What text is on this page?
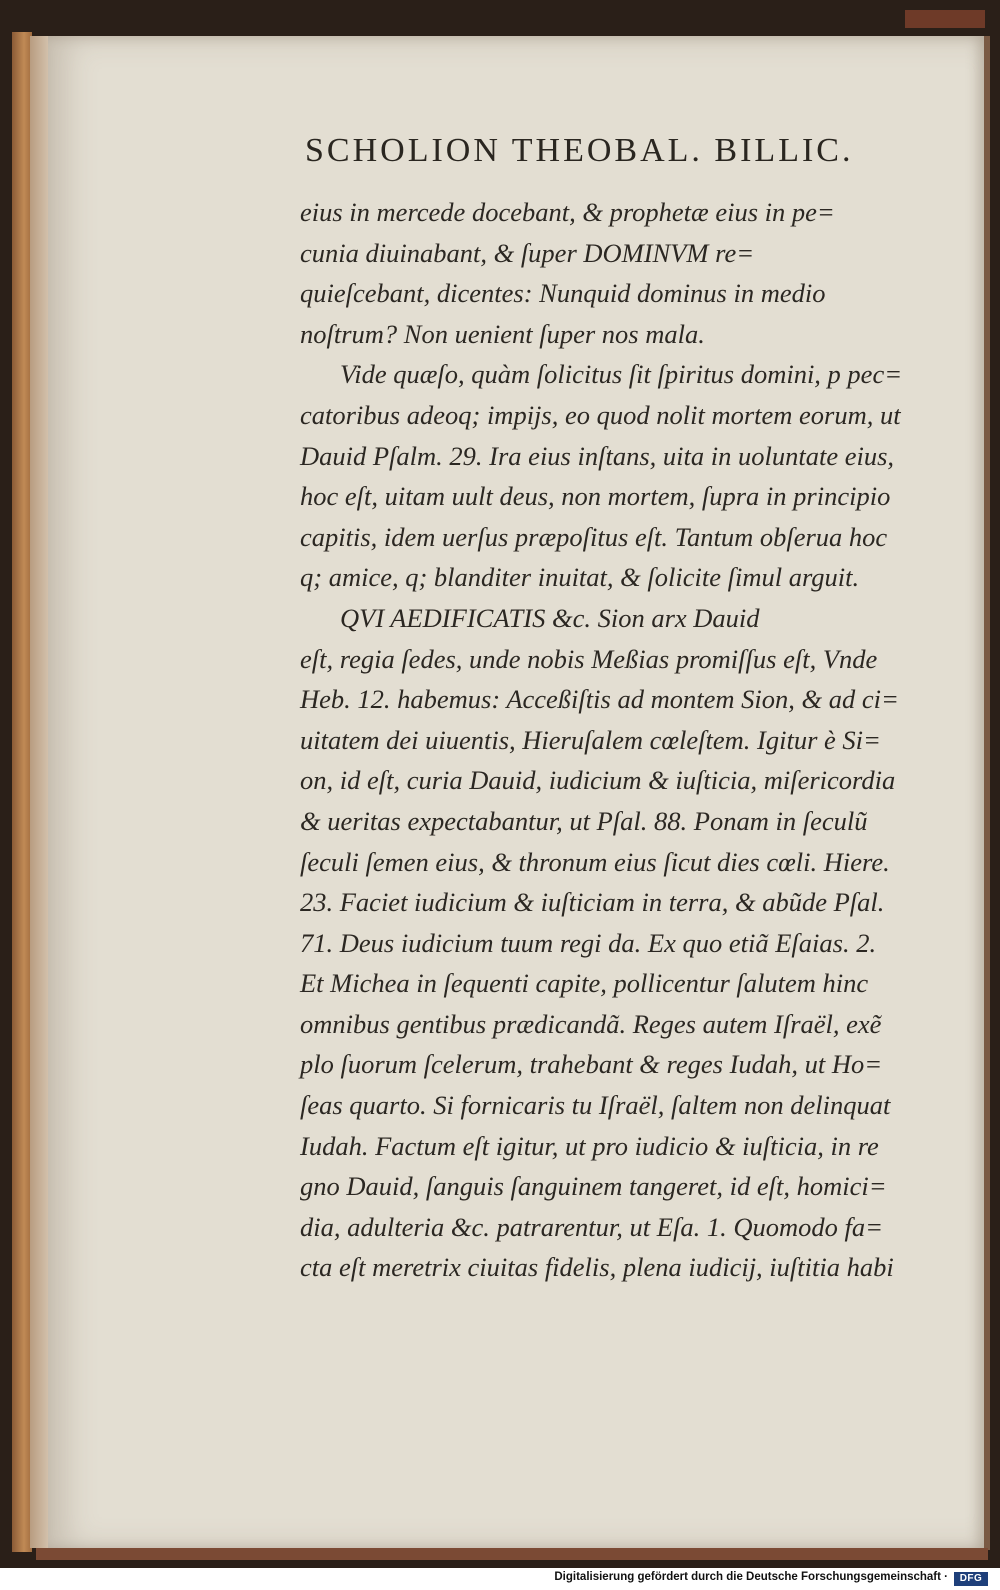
SCHOLION THEOBAL. BILLIC.
eius in mercede docebant, & prophetæ eius in pe=
cunia diuinabant, & ſuper DOMINVM re=
quieſcebant, dicentes: Nunquid dominus in medio
noſtrum? Non uenient ſuper nos mala.
Vide quæſo, quàm ſolicitus ſit ſpiritus domini, p pec=
catoribus adeoq; impijs, eo quod nolit mortem eorum, ut
Dauid Pſalm. 29. Ira eius inſtans, uita in uoluntate eius,
hoc eſt, uitam uult deus, non mortem, ſupra in principio
capitis, idem uerſus præpoſitus eſt. Tantum obſerua hoc
q; amice, q; blanditer inuitat, & ſolicite ſimul arguit.
QVI AEDIFICATIS &c. Sion arx Dauid
eſt, regia ſedes, unde nobis Meßias promiſſus eſt, Vnde
Heb. 12. habemus: Acceßiſtis ad montem Sion, & ad ci=
uitatem dei uiuentis, Hieruſalem cœleſtem. Igitur è Si=
on, id eſt, curia Dauid, iudicium & iuſticia, miſericordia
& ueritas expectabantur, ut Pſal. 88. Ponam in ſeculũ
ſeculi ſemen eius, & thronum eius ſicut dies cœli. Hiere.
23. Faciet iudicium & iuſticiam in terra, & abũde Pſal.
71. Deus iudicium tuum regi da. Ex quo etiã Eſaias. 2.
Et Michea in ſequenti capite, pollicentur ſalutem hinc
omnibus gentibus prædicandã. Reges autem Iſraël, exẽ
plo ſuorum ſcelerum, trahebant & reges Iudah, ut Ho=
ſeas quarto. Si fornicaris tu Iſraël, ſaltem non delinquat
Iudah. Factum eſt igitur, ut pro iudicio & iuſticia, in re
gno Dauid, ſanguis ſanguinem tangeret, id eſt, homici=
dia, adulteria &c. patrarentur, ut Eſa. 1. Quomodo fa=
cta eſt meretrix ciuitas fidelis, plena iudicij, iuſtitia habi
Digitalisierung gefördert durch die Deutsche Forschungsgemeinschaft ·	DFG
